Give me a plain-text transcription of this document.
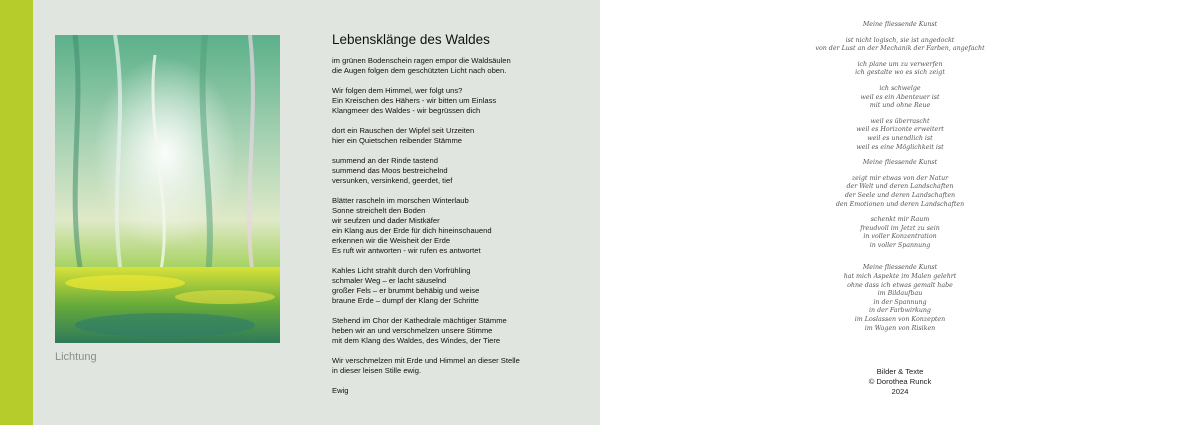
Lichtung
Lebensklänge des Waldes
im grünen Bodenschein ragen empor die Waldsäulen
die Augen folgen dem geschützten Licht nach oben.
Wir folgen dem Himmel, wer folgt uns?
Ein Kreischen des Hähers - wir bitten um Einlass
Klangmeer des Waldes - wir begrüssen dich
dort ein Rauschen der Wipfel seit Urzeiten
hier ein Quietschen reibender Stämme
summend an der Rinde tastend
summend das Moos bestreichelnd
versunken, versinkend, geerdet, tief
Blätter rascheln im morschen Winterlaub
Sonne streichelt den Boden
wir seufzen und dader Mistkäfer
ein Klang aus der Erde für dich hineinschauend
erkennen wir die Weisheit der Erde
Es ruft wir antworten - wir rufen es antwortet
Kahles Licht strahlt durch den Vorfrühling
schmaler Weg – er lacht säuselnd
großer Fels – er brummt behäbig und weise
braune Erde – dumpf der Klang der Schritte
Stehend im Chor der Kathedrale mächtiger Stämme
heben wir an und verschmelzen unsere Stimme
mit dem Klang des Waldes, des Windes, der Tiere
Wir verschmelzen mit Erde und Himmel an dieser Stelle
in dieser leisen Stille ewig.
Ewig
Meine fliessende Kunst
ist nicht logisch, sie ist angedockt
von der Lust an der Mechanik der Farben, angefacht
ich plane um zu verwerfen
ich gestalte wo es sich zeigt
ich schwelge
weil es ein Abenteuer ist
mit und ohne Reue
weil es überrascht
weil es Horizonte erweitert
weil es unendlich ist
weil es eine Möglichkeit ist
Meine fliessende Kunst
zeigt mir etwas von der Natur
der Welt und deren Landschaften
der Seele und deren Landschaften
den Emotionen und deren Landschaften
schenkt mir Raum
freudvoll im Jetzt zu sein
in voller Konzentration
in voller Spannung
Meine fliessende Kunst
hat mich Aspekte im Malen gelehrt
ohne dass ich etwas gemalt habe
im Bildaufbau
in der Spannung
in der Farbwirkung
im Loslassen von Konzepten
im Wagen von Risiken
Bilder & Texte
© Dorothea Runck
2024
